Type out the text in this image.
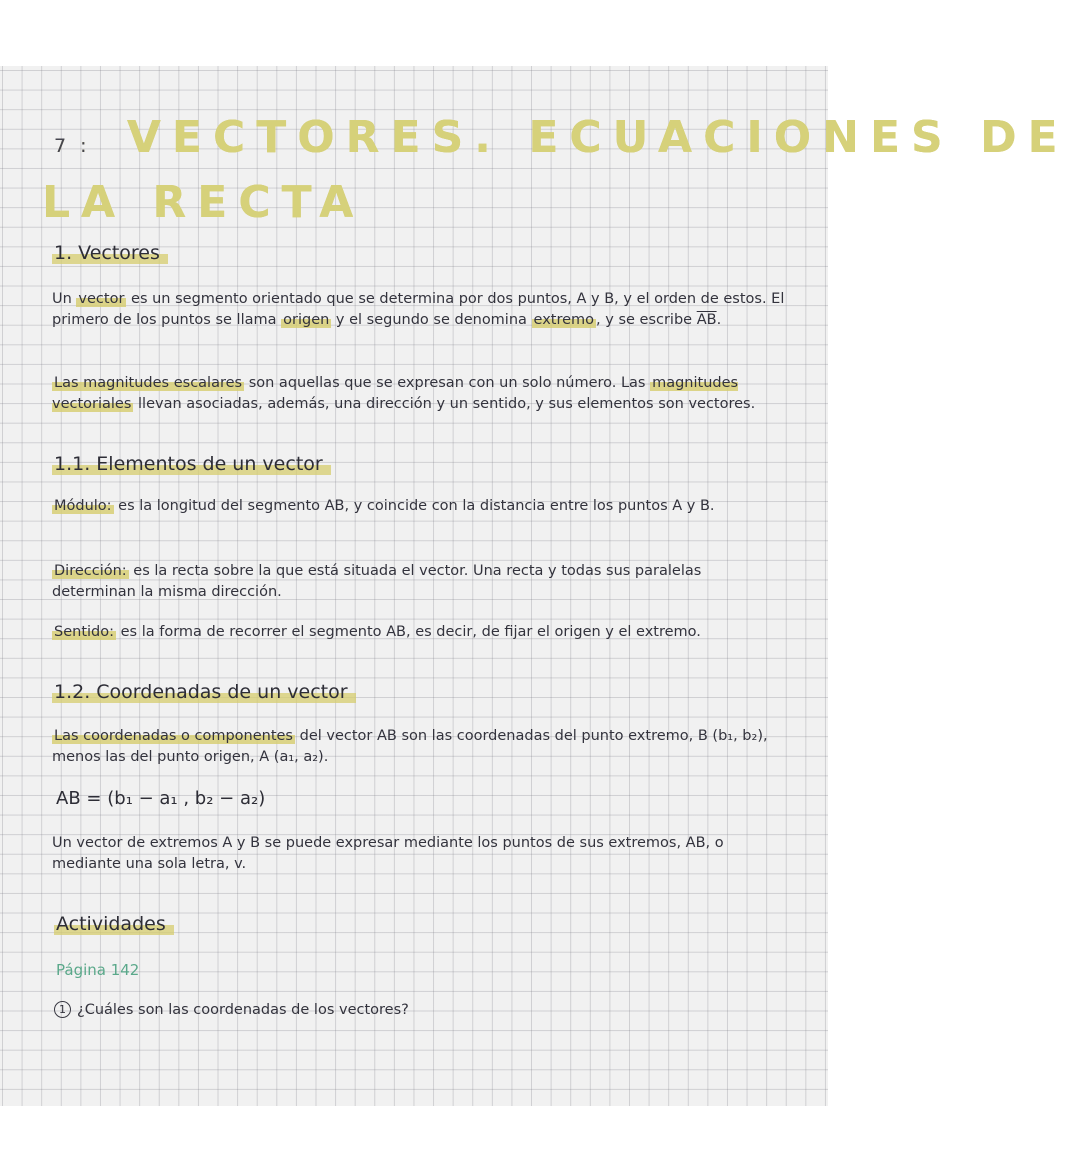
7: VECTORES. ECUACIONES DE
LA RECTA
1. Vectores
Un vector es un segmento orientado que se determina por dos puntos, A y B, y el orden de estos. El primero de los puntos se llama origen y el segundo se denomina extremo , y se escribe $\overline{AB}$.
Las magnitudes escalares son aquellas que se expresan con un solo número. Las magnitudes vectoriales llevan asociadas, además, una dirección y un sentido, y sus elementos son vectores.
1.1. Elementos de un vector
Módulo: es la longitud del segmento AB, y coincide con la distancia entre los puntos A y B.
Dirección: es la recta sobre la que está situada el vector. Una recta y todas sus paralelas determinan la misma dirección.
Sentido: es la forma de recorrer el segmento AB, es decir, de fijar el origen y el extremo.
1.2. Coordenadas de un vector
Las coordenadas o componentes del vector AB son las coordenadas del punto extremo, B (b₁, b₂), menos las del punto origen, A (a₁, a₂).
AB = (b₁ − a₁ , b₂ − a₂)
Un vector de extremos A y B se puede expresar mediante los puntos de sus extremos, AB, o mediante una sola letra, v.
Actividades
Página 142
1 ¿Cuáles son las coordenadas de los vectores?
